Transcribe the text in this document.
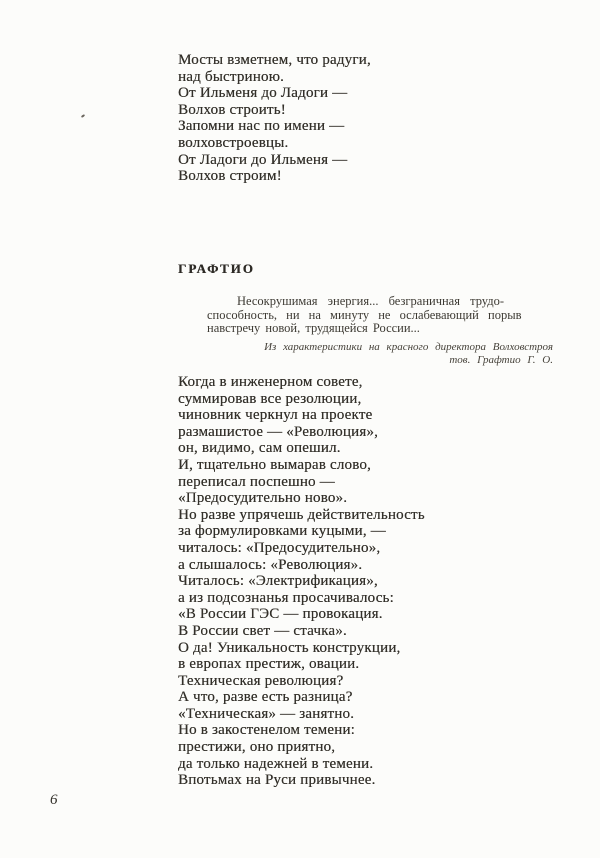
Мосты взметнем, что радуги,
над быстриною.
От Ильменя до Ладоги —
Волхов строить!
Запомни нас по имени —
волховстроевцы.
От Ладоги до Ильменя —
Волхов строим!
ГРАФТИО
Несокрушимая энергия... безграничная трудо-
способность, ни на минуту не ослабевающий порыв
навстречу новой, трудящейся России...
Из характеристики на красного директора Волховстроя
тов. Графтио Г. О.
Когда в инженерном совете,
суммировав все резолюции,
чиновник черкнул на проекте
размашистое — «Революция»,
он, видимо, сам опешил.
И, тщательно вымарав слово,
переписал поспешно —
«Предосудительно ново».
Но разве упрячешь действительность
за формулировками куцыми, —
читалось: «Предосудительно»,
а слышалось: «Революция».
Читалось: «Электрификация»,
а из подсознанья просачивалось:
«В России ГЭС — провокация.
В России свет — стачка».
О да! Уникальность конструкции,
в европах престиж, овации.
Техническая революция?
А что, разве есть разница?
«Техническая» — занятно.
Но в закостенелом темени:
престижи, оно приятно,
да только надежней в темени.
Впотьмах на Руси привычнее.
6
